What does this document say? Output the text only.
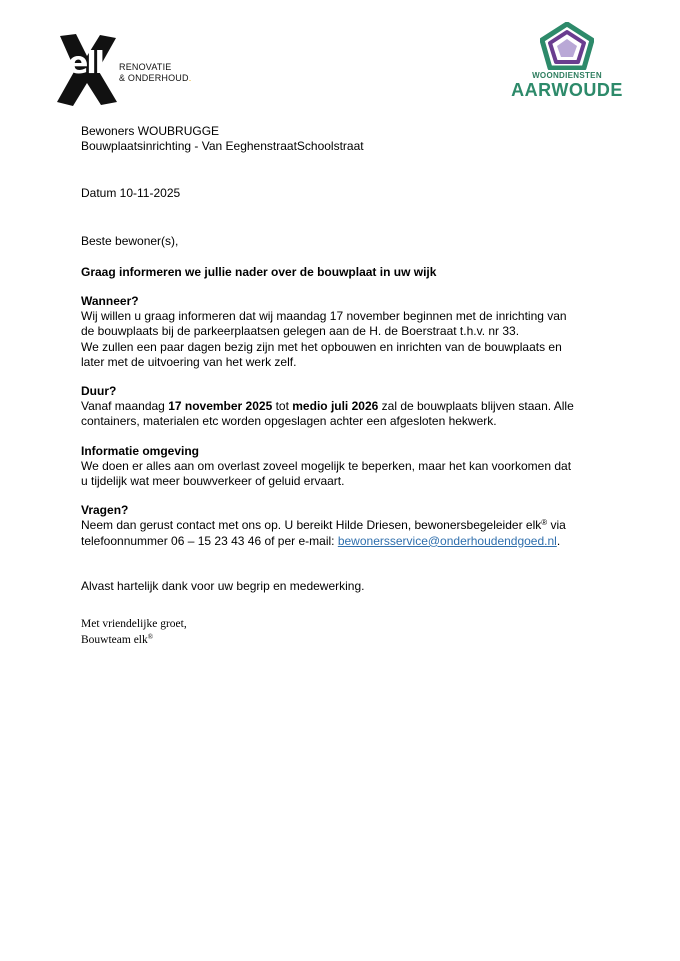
elk RENOVATIE
& ONDERHOUD.	WOONDIENSTEN
AARWOUDE

Bewoners WOUBRUGGE

Bouwplaatsinrichting - Van EeghenstraatSchoolstraat

Datum 10-11-2025

Beste bewoner(s),

Graag informeren we jullie nader over de bouwplaat in uw wijk

Wanneer?

Wij willen u graag informeren dat wij maandag 17 november beginnen met de inrichting van

de bouwplaats bij de parkeerplaatsen gelegen aan de H. de Boerstraat t.h.v. nr 33.

We zullen een paar dagen bezig zijn met het opbouwen en inrichten van de bouwplaats en

later met de uitvoering van het werk zelf.

Duur?

Vanaf maandag 17 november 2025 tot medio juli 2026 zal de bouwplaats blijven staan. Alle

containers, materialen etc worden opgeslagen achter een afgesloten hekwerk.

Informatie omgeving

We doen er alles aan om overlast zoveel mogelijk te beperken, maar het kan voorkomen dat

u tijdelijk wat meer bouwverkeer of geluid ervaart.

Vragen?

Neem dan gerust contact met ons op. U bereikt Hilde Driesen, bewonersbegeleider elk® via

telefoonnummer 06 – 15 23 43 46 of per e-mail: bewonersservice@onderhoudendgoed.nl.

Alvast hartelijk dank voor uw begrip en medewerking.

Met vriendelijke groet,
Bouwteam elk®
